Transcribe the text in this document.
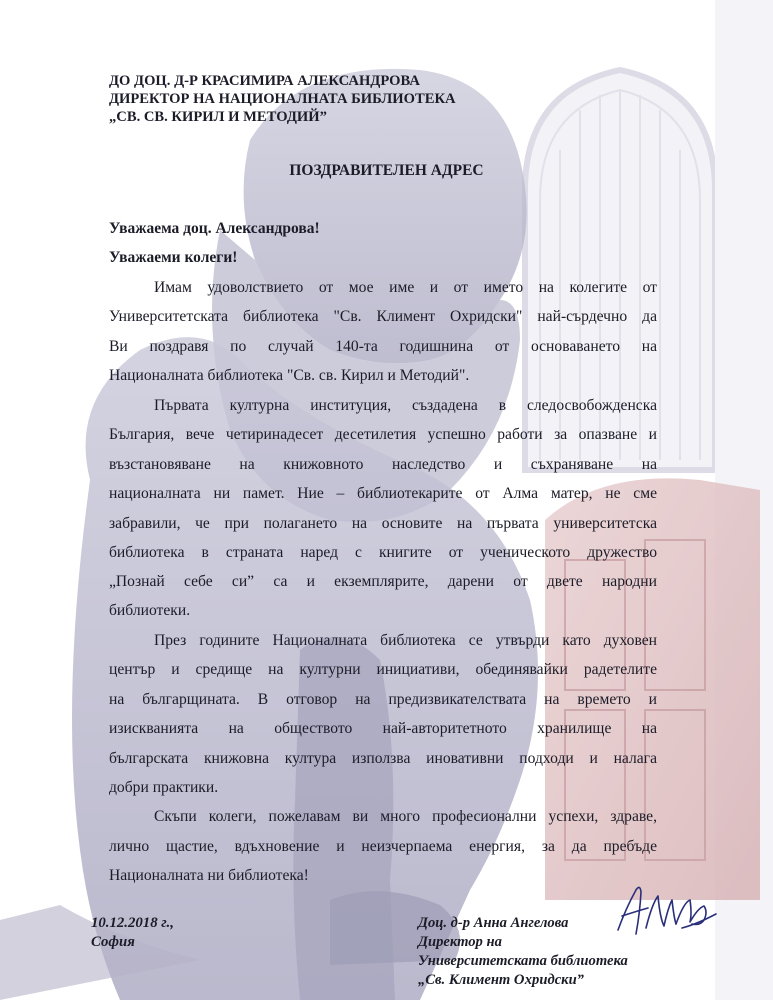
ДО ДОЦ. Д-Р КРАСИМИРА АЛЕКСАНДРОВА
ДИРЕКТОР НА НАЦИОНАЛНАТА БИБЛИОТЕКА
„СВ. СВ. КИРИЛ И МЕТОДИЙ”
ПОЗДРАВИТЕЛЕН АДРЕС
Уважаема доц. Александрова!
Уважаеми колеги!
Имам удоволствието от мое име и от името на колегите от
Университетската библиотека "Св. Климент Охридски" най-сърдечно да
Ви поздравя по случай 140-та годишнина от основаването на
Националната библиотека "Св. св. Кирил и Методий".
Първата културна институция, създадена в следосвобожденска
България, вече четиринадесет десетилетия успешно работи за опазване и
възстановяване на книжовното наследство и съхраняване на
националната ни памет. Ние – библиотекарите от Алма матер, не сме
забравили, че при полагането на основите на първата университетска
библиотека в страната наред с книгите от ученическото дружество
„Познай себе си” са и екземплярите, дарени от двете народни
библиотеки.
През годините Националната библиотека се утвърди като духовен
център и средище на културни инициативи, обединявайки радетелите
на българщината. В отговор на предизвикателствата на времето и
изискванията на обществото най-авторитетното хранилище на
българската книжовна култура използва иновативни подходи и налага
добри практики.
Скъпи колеги, пожелавам ви много професионални успехи, здраве,
лично щастие, вдъхновение и неизчерпаема енергия, за да пребъде
Националната ни библиотека!
10.12.2018 г.,
София
Доц. д-р Анна Ангелова
Директор на
Университетската библиотека
„Св. Климент Охридски”
